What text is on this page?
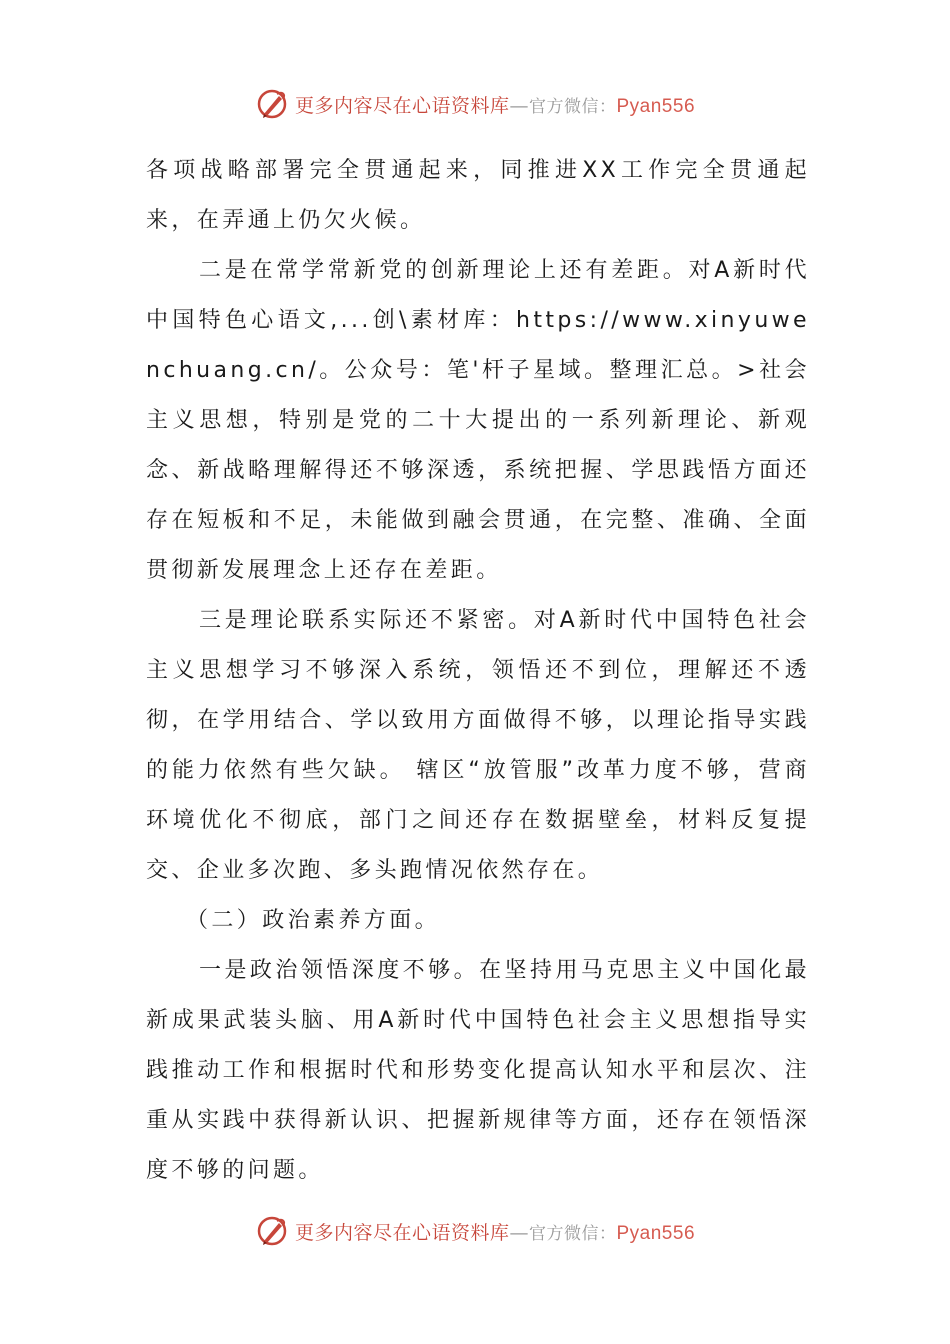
更多内容尽在心语资料库—官方微信：Pyan556

各项战略部署完全贯通起来，同推进XX工作完全贯通起来，在弄通上仍欠火候。

二是在常学常新党的创新理论上还有差距。对A新时代中国特色心语文,...创\素材库：https://www.xinyuwenchuang.cn/。公众号：笔'杆子星域。整理汇总。>社会主义思想，特别是党的二十大提出的一系列新理论、新观念、新战略理解得还不够深透，系统把握、学思践悟方面还存在短板和不足，未能做到融会贯通，在完整、准确、全面贯彻新发展理念上还存在差距。

三是理论联系实际还不紧密。对A新时代中国特色社会主义思想学习不够深入系统，领悟还不到位，理解还不透彻，在学用结合、学以致用方面做得不够，以理论指导实践的能力依然有些欠缺。 辖区“放管服”改革力度不够，营商环境优化不彻底，部门之间还存在数据壁垒，材料反复提交、企业多次跑、多头跑情况依然存在。

（二）政治素养方面。

一是政治领悟深度不够。在坚持用马克思主义中国化最新成果武装头脑、用A新时代中国特色社会主义思想指导实践推动工作和根据时代和形势变化提高认知水平和层次、注重从实践中获得新认识、把握新规律等方面，还存在领悟深度不够的问题。

更多内容尽在心语资料库—官方微信：Pyan556
